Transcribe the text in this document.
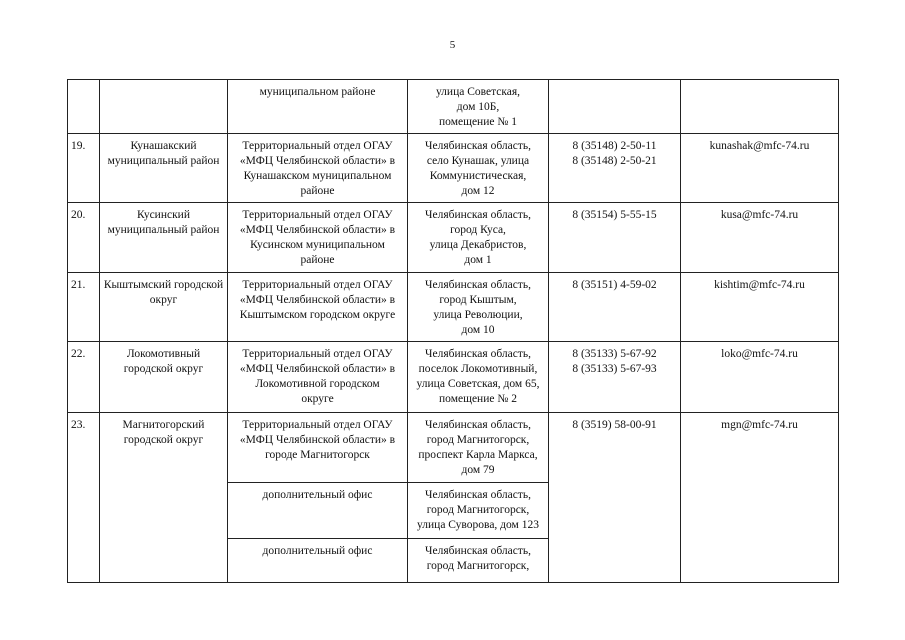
5

		муниципальном районе	улица Советская,
дом 10Б,
помещение № 1		

19.	Кунашакский
муниципальный район	Территориальный отдел ОГАУ
«МФЦ Челябинской области» в
Кунашакском муниципальном
районе	Челябинская область,
село Кунашак, улица
Коммунистическая,
дом 12	8 (35148) 2-50-11
8 (35148) 2-50-21	kunashak@mfc-74.ru
20.	Кусинский
муниципальный район	Территориальный отдел ОГАУ
«МФЦ Челябинской области» в
Кусинском муниципальном
районе	Челябинская область,
город Куса,
улица Декабристов,
дом 1	8 (35154) 5-55-15	kusa@mfc-74.ru
21.	Кыштымский городской
округ	Территориальный отдел ОГАУ
«МФЦ Челябинской области» в
Кыштымском городском округе	Челябинская область,
город Кыштым,
улица Революции,
дом 10	8 (35151) 4-59-02	kishtim@mfc-74.ru
22.	Локомотивный
городской округ	Территориальный отдел ОГАУ
«МФЦ Челябинской области» в
Локомотивной городском
округе	Челябинская область,
поселок Локомотивный,
улица Советская, дом 65,
помещение № 2	8 (35133) 5-67-92
8 (35133) 5-67-93	loko@mfc-74.ru
23.	Магнитогорский
городской округ	Территориальный отдел ОГАУ
«МФЦ Челябинской области» в
городе Магнитогорск	Челябинская область,
город Магнитогорск,
проспект Карла Маркса,
дом 79	8 (3519) 58-00-91	mgn@mfc-74.ru

		дополнительный офис	Челябинская область,
город Магнитогорск,
улица Суворова, дом 123		

		дополнительный офис	Челябинская область,
город Магнитогорск,		
